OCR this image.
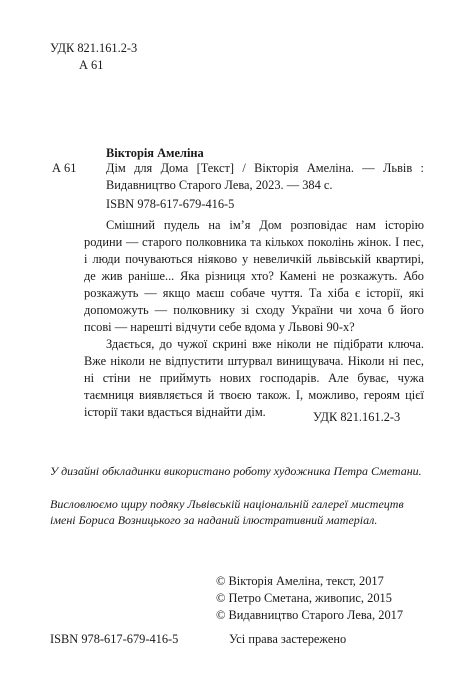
УДК 821.161.2-3
А 61
Вікторія Амеліна
А 61 Дім для Дома [Текст] / Вікторія Амеліна. — Львів : Видавництво Старого Лева, 2023. — 384 с.
ISBN 978-617-679-416-5

Смішний пудель на ім’я Дом розповідає нам історію родини — старого полковника та кількох поколінь жінок. І пес, і люди почуваються ніяково у невеличкій львівській квартирі, де жив раніше... Яка різниця хто? Камені не розкажуть. Або розкажуть — якщо маєш собаче чуття. Та хіба є історії, які допоможуть — полковнику зі сходу України чи хоча б його псові — нарешті відчути себе вдома у Львові 90-х?

Здається, до чужої скрині вже ніколи не підібрати ключа. Вже ніколи не відпустити штурвал винищувача. Ніколи ні пес, ні стіни не приймуть нових господарів. Але буває, чужа таємниця виявляється й твоєю також. І, можливо, героям цієї історії таки вдасться віднайти дім.	УДК 821.161.2-3
У дизайні обкладинки використано роботу художника Петра Сметани.
Висловлюємо щиру подяку Львівській національній галереї мистецтв
імені Бориса Возницького за наданий ілюстративний матеріал.
© Вікторія Амеліна, текст, 2017
© Петро Сметана, живопис, 2015
© Видавництво Старого Лева, 2017
ISBN 978-617-679-416-5	Усі права застережено
